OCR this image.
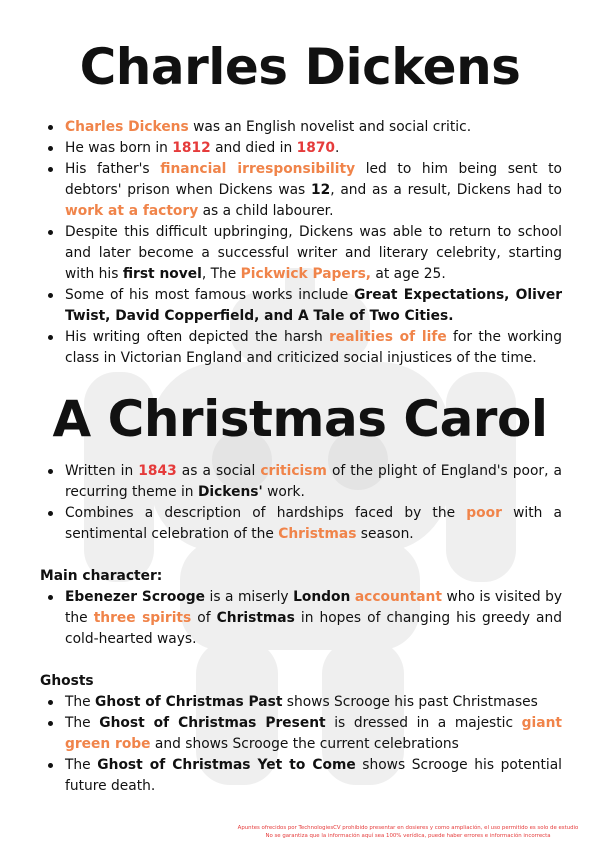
Charles Dickens
Charles Dickens was an English novelist and social critic.
He was born in 1812 and died in 1870.
His father's financial irresponsibility led to him being sent to debtors' prison when Dickens was 12, and as a result, Dickens had to work at a factory as a child labourer.
Despite this difficult upbringing, Dickens was able to return to school and later become a successful writer and literary celebrity, starting with his first novel, The Pickwick Papers, at age 25.
Some of his most famous works include Great Expectations, Oliver Twist, David Copperfield, and A Tale of Two Cities.
His writing often depicted the harsh realities of life for the working class in Victorian England and criticized social injustices of the time.
A Christmas Carol
Written in 1843 as a social criticism of the plight of England's poor, a recurring theme in Dickens' work.
Combines a description of hardships faced by the poor with a sentimental celebration of the Christmas season.
Main character:
Ebenezer Scrooge is a miserly London accountant who is visited by the three spirits of Christmas in hopes of changing his greedy and cold-hearted ways.
Ghosts
The Ghost of Christmas Past shows Scrooge his past Christmases
The Ghost of Christmas Present is dressed in a majestic giant green robe and shows Scrooge the current celebrations
The Ghost of Christmas Yet to Come shows Scrooge his potential future death.
Apuntes ofrecidos por TechnologiesCV prohibido presentar en dosieres y como ampliación, el uso permitido es solo de estudio
No se garantiza que la información aquí sea 100% verídica, puede haber errores e información incorrecta
